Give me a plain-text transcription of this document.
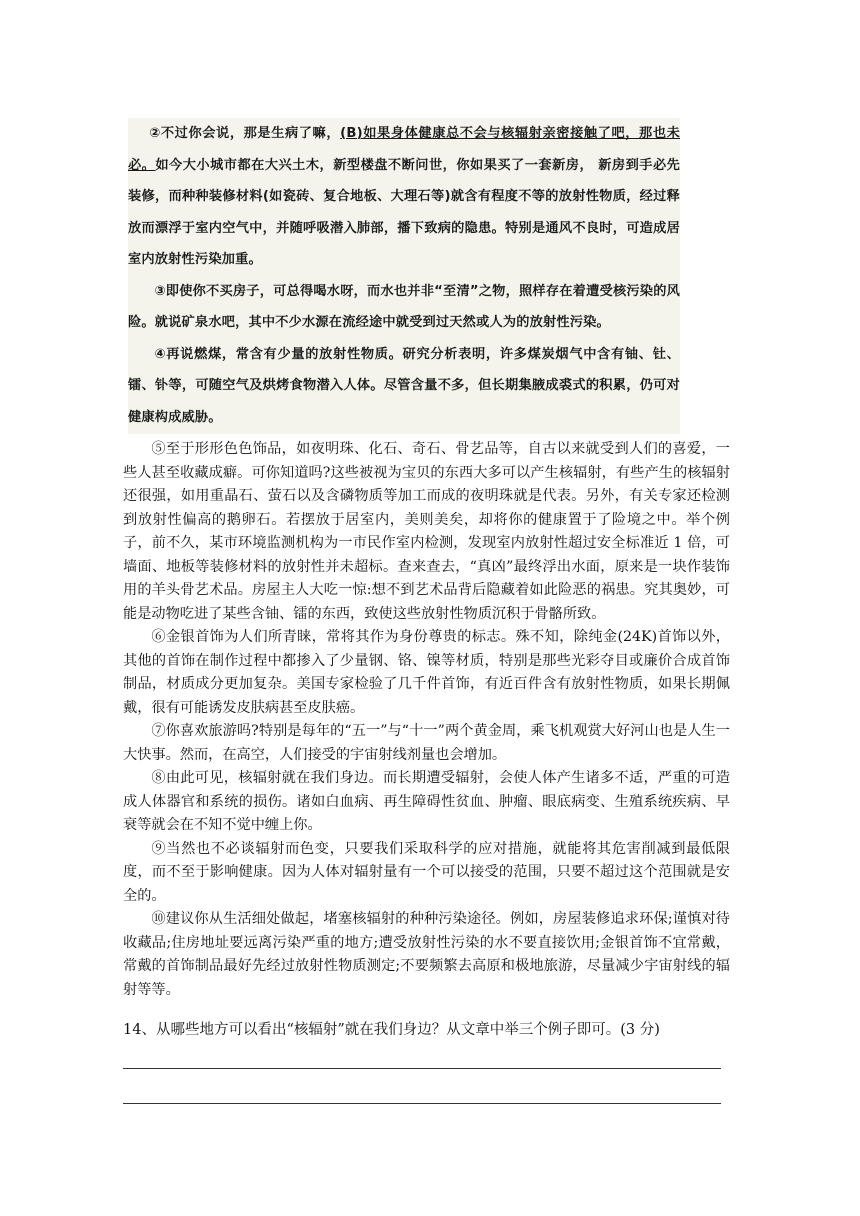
②不过你会说，那是生病了嘛，(B)如果身体健康总不会与核辐射亲密接触了吧，那也未必。如今大小城市都在大兴土木，新型楼盘不断问世，你如果买了一套新房， 新房到手必先装修，而种种装修材料(如瓷砖、复合地板、大理石等)就含有程度不等的放射性物质，经过释放而漂浮于室内空气中，并随呼吸潜入肺部，播下致病的隐患。特别是通风不良时，可造成居室内放射性污染加重。

③即使你不买房子，可总得喝水呀，而水也并非“至清”之物，照样存在着遭受核污染的风险。就说矿泉水吧，其中不少水源在流经途中就受到过天然或人为的放射性污染。

④再说燃煤，常含有少量的放射性物质。研究分析表明，许多煤炭烟气中含有铀、钍、镭、钋等，可随空气及烘烤食物潜入人体。尽管含量不多，但长期集腋成裘式的积累，仍可对健康构成威胁。

⑤至于形形色色饰品，如夜明珠、化石、奇石、骨艺品等，自古以来就受到人们的喜爱，一些人甚至收藏成癖。可你知道吗?这些被视为宝贝的东西大多可以产生核辐射，有些产生的核辐射还很强，如用重晶石、萤石以及含磷物质等加工而成的夜明珠就是代表。另外，有关专家还检测到放射性偏高的鹅卵石。若摆放于居室内，美则美矣，却将你的健康置于了险境之中。举个例子，前不久，某市环境监测机构为一市民作室内检测，发现室内放射性超过安全标准近 1 倍，可墙面、地板等装修材料的放射性并未超标。查来查去，“真凶”最终浮出水面，原来是一块作装饰用的羊头骨艺术品。房屋主人大吃一惊:想不到艺术品背后隐藏着如此险恶的祸患。究其奥妙，可能是动物吃进了某些含铀、镭的东西，致使这些放射性物质沉积于骨骼所致。

⑥金银首饰为人们所青睐，常将其作为身份尊贵的标志。殊不知，除纯金(24K)首饰以外，其他的首饰在制作过程中都掺入了少量钢、铬、镍等材质，特别是那些光彩夺目或廉价合成首饰制品，材质成分更加复杂。美国专家检验了几千件首饰，有近百件含有放射性物质，如果长期佩戴，很有可能诱发皮肤病甚至皮肤癌。

⑦你喜欢旅游吗?特别是每年的“五一”与“十一”两个黄金周，乘飞机观赏大好河山也是人生一大快事。然而，在高空，人们接受的宇宙射线剂量也会增加。

⑧由此可见，核辐射就在我们身边。而长期遭受辐射，会使人体产生诸多不适，严重的可造成人体器官和系统的损伤。诸如白血病、再生障碍性贫血、肿瘤、眼底病变、生殖系统疾病、早衰等就会在不知不觉中缠上你。

⑨当然也不必谈辐射而色变，只要我们采取科学的应对措施，就能将其危害削减到最低限度，而不至于影响健康。因为人体对辐射量有一个可以接受的范围，只要不超过这个范围就是安全的。

⑩建议你从生活细处做起，堵塞核辐射的种种污染途径。例如，房屋装修追求环保;谨慎对待收藏品;住房地址要远离污染严重的地方;遭受放射性污染的水不要直接饮用;金银首饰不宜常戴，常戴的首饰制品最好先经过放射性物质测定;不要频繁去高原和极地旅游，尽量减少宇宙射线的辐射等等。

14、从哪些地方可以看出“核辐射”就在我们身边？从文章中举三个例子即可。(3 分)
